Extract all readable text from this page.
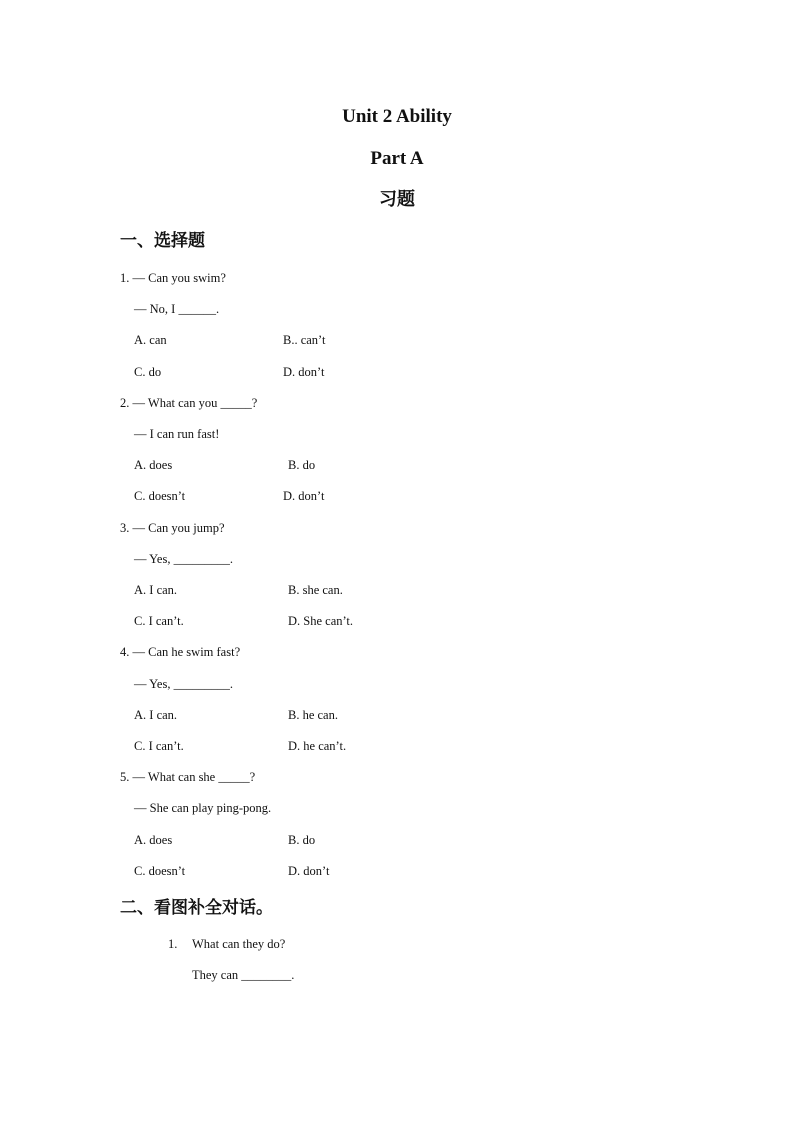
Unit 2 Ability
Part A
习题
一、选择题
1. — Can you swim?
— No, I ______.
A. can	B.. can’t
C. do	D. don’t
2. — What can you _____?
— I can run fast!
A. does	B. do
C. doesn’t	D. don’t
3. — Can you jump?
— Yes, _________.
A. I can.	B. she can.
C. I can’t.	D. She can’t.
4. — Can he swim fast?
— Yes, _________.
A. I can.	B. he can.
C. I can’t.	D. he can’t.
5. — What can she _____?
— She can play ping-pong.
A. does	B. do
C. doesn’t	D. don’t
二、看图补全对话。
1. What can they do?
They can ________.
